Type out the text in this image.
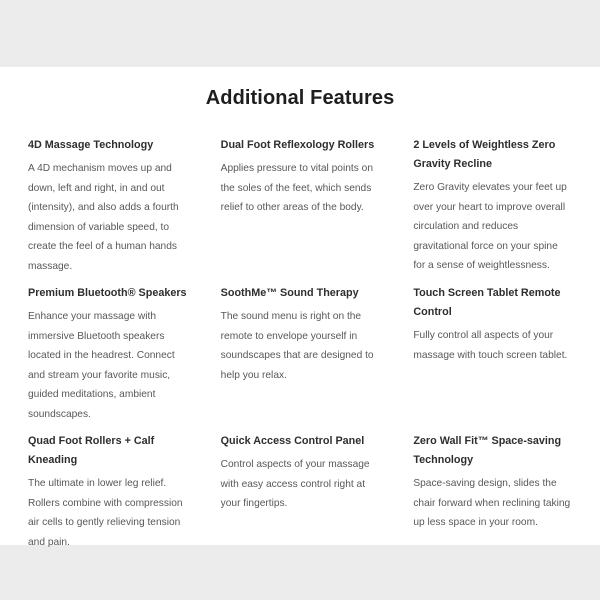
Additional Features
4D Massage Technology

A 4D mechanism moves up and down, left and right, in and out (intensity), and also adds a fourth dimension of variable speed, to create the feel of a human hands massage.

Dual Foot Reflexology Rollers

Applies pressure to vital points on the soles of the feet, which sends relief to other areas of the body.

2 Levels of Weightless Zero Gravity Recline

Zero Gravity elevates your feet up over your heart to improve overall circulation and reduces gravitational force on your spine for a sense of weightlessness.

Premium Bluetooth® Speakers

Enhance your massage with immersive Bluetooth speakers located in the headrest. Connect and stream your favorite music, guided meditations, ambient soundscapes.

SoothMe™ Sound Therapy

The sound menu is right on the remote to envelope yourself in soundscapes that are designed to help you relax.

Touch Screen Tablet Remote Control

Fully control all aspects of your massage with touch screen tablet.

Quad Foot Rollers + Calf Kneading

The ultimate in lower leg relief. Rollers combine with compression air cells to gently relieving tension and pain.

Quick Access Control Panel

Control aspects of your massage with easy access control right at your fingertips.

Zero Wall Fit™ Space-saving Technology

Space-saving design, slides the chair forward when reclining taking up less space in your room.
